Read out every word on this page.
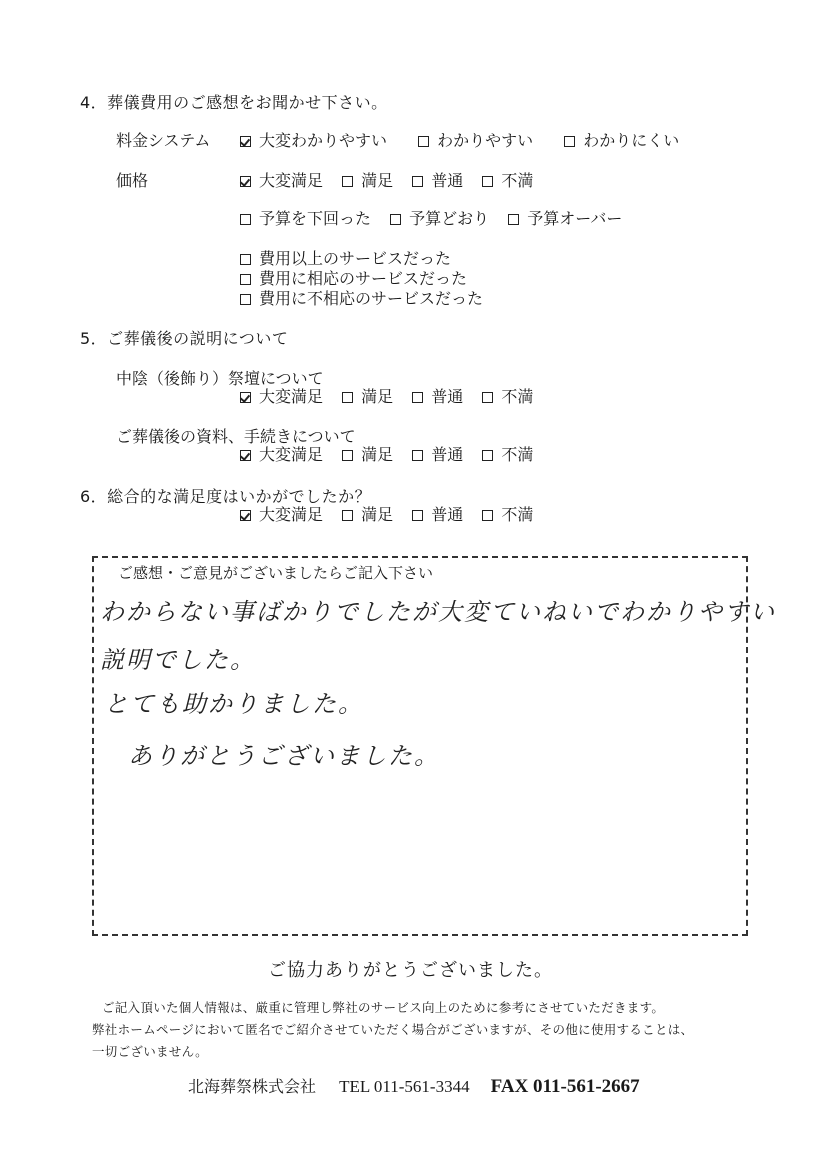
4．葬儀費用のご感想をお聞かせ下さい。
料金システム	大変わかりやすい	わかりやすい	わかりにくい
価格	大変満足 満足 普通 不満
予算を下回った 予算どおり 予算オーバー
費用以上のサービスだった
費用に相応のサービスだった
費用に不相応のサービスだった
5．ご葬儀後の説明について
中陰（後飾り）祭壇について
大変満足 満足 普通 不満
ご葬儀後の資料、手続きについて
大変満足 満足 普通 不満
6．総合的な満足度はいかがでしたか？
大変満足 満足 普通 不満
ご感想・ご意見がございましたらご記入下さい
わからない事ばかりでしたが大変ていねいでわかりやすい
説明でした。
とても助かりました。
ありがとうございました。
ご協力ありがとうございました。
ご記入頂いた個人情報は、厳重に管理し弊社のサービス向上のために参考にさせていただきます。
弊社ホームページにおいて匿名でご紹介させていただく場合がございますが、その他に使用することは、
一切ございません。
北海葬祭株式会社 TEL 011-561-3344 FAX 011-561-2667
